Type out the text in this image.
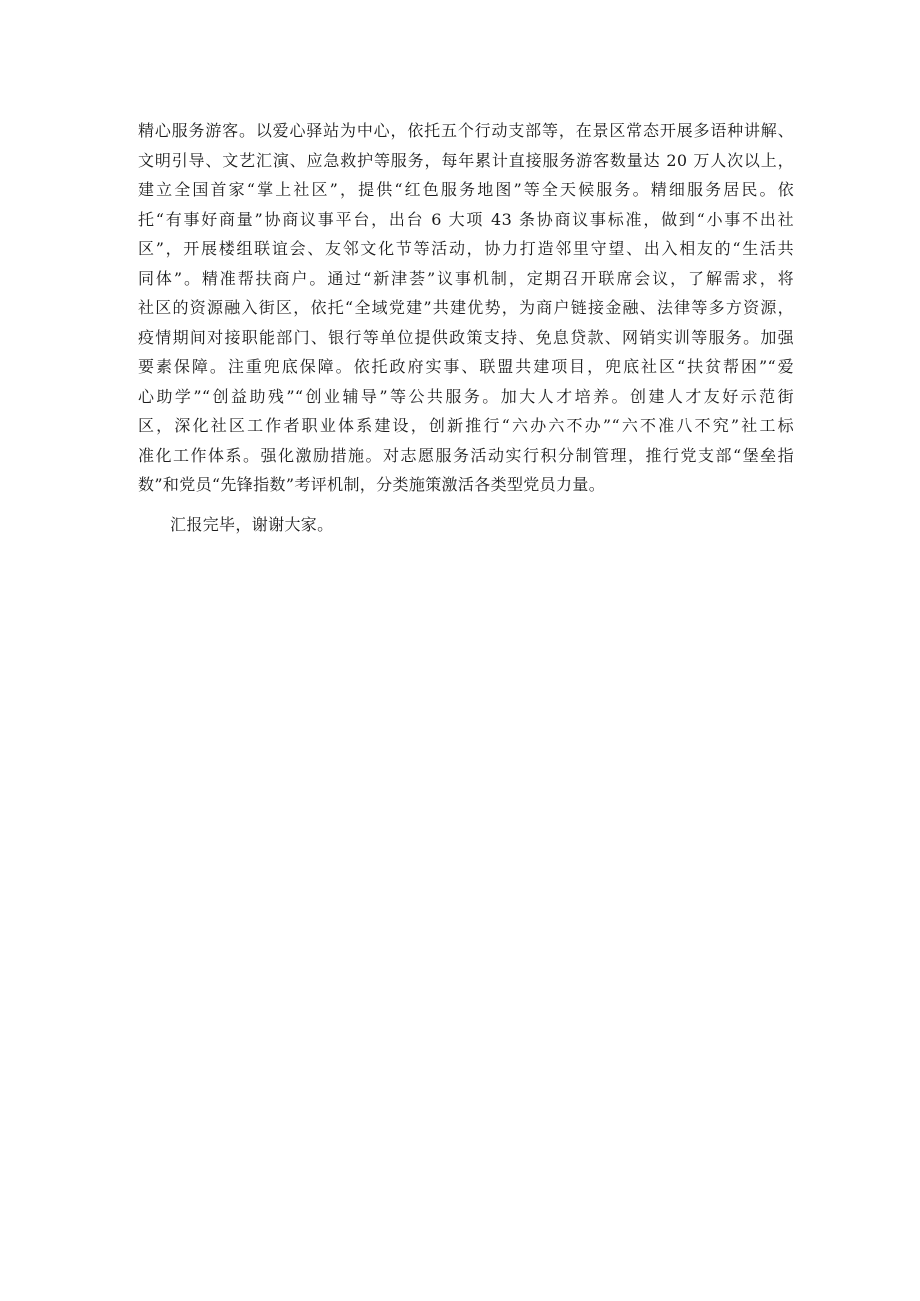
精心服务游客。以爱心驿站为中心，依托五个行动支部等，在景区常态开展多语种讲解、
文明引导、文艺汇演、应急救护等服务，每年累计直接服务游客数量达 20 万人次以上，
建立全国首家“掌上社区”，提供“红色服务地图”等全天候服务。精细服务居民。依
托“有事好商量”协商议事平台，出台 6 大项 43 条协商议事标准，做到“小事不出社
区”，开展楼组联谊会、友邻文化节等活动，协力打造邻里守望、出入相友的“生活共
同体”。精准帮扶商户。通过“新津荟”议事机制，定期召开联席会议，了解需求，将
社区的资源融入街区，依托“全域党建”共建优势，为商户链接金融、法律等多方资源，
疫情期间对接职能部门、银行等单位提供政策支持、免息贷款、网销实训等服务。加强
要素保障。注重兜底保障。依托政府实事、联盟共建项目，兜底社区“扶贫帮困”“爱
心助学”“创益助残”“创业辅导”等公共服务。加大人才培养。创建人才友好示范街
区，深化社区工作者职业体系建设，创新推行“六办六不办”“六不准八不究”社工标
准化工作体系。强化激励措施。对志愿服务活动实行积分制管理，推行党支部“堡垒指
数”和党员“先锋指数”考评机制，分类施策激活各类型党员力量。

汇报完毕，谢谢大家。
